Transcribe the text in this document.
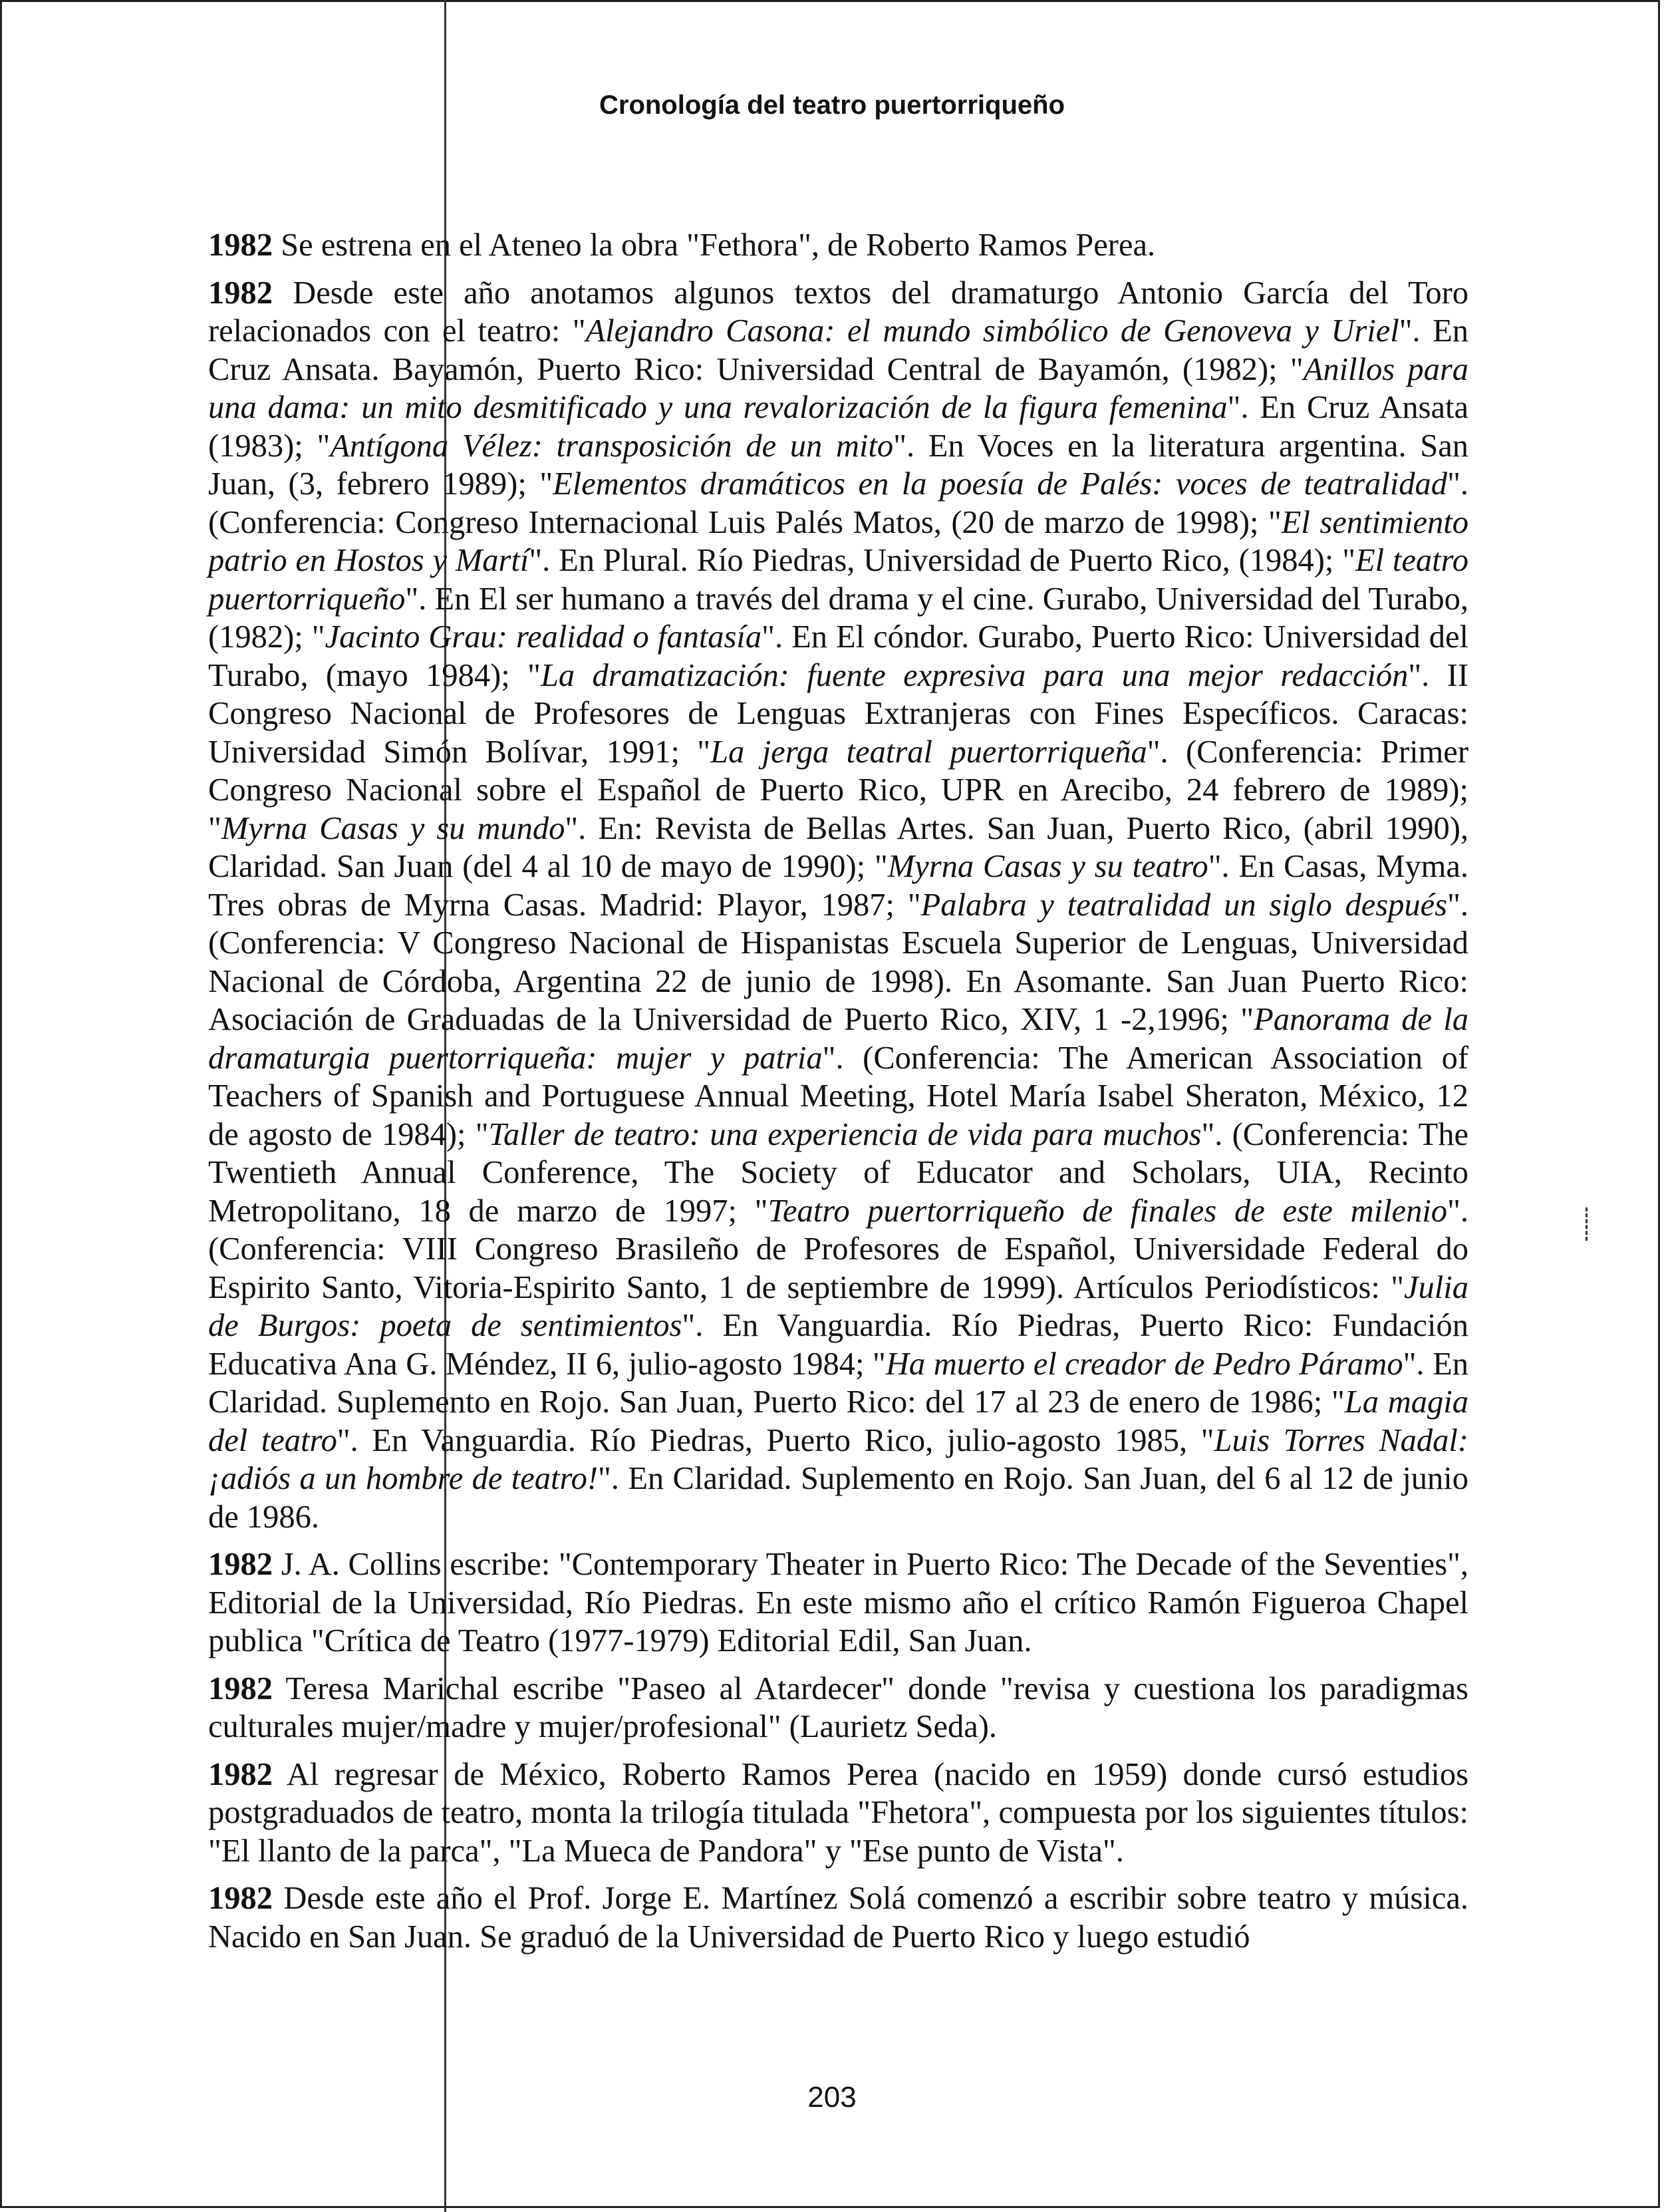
Cronología del teatro puertorriqueño

1982 Se estrena en el Ateneo la obra "Fethora", de Roberto Ramos Perea.

1982 Desde este año anotamos algunos textos del dramaturgo Antonio García del Toro relacionados con el teatro: "Alejandro Casona: el mundo simbólico de Genoveva y Uriel". En Cruz Ansata. Bayamón, Puerto Rico: Universidad Central de Bayamón, (1982); "Anillos para una dama: un mito desmitificado y una revalorización de la figura femenina". En Cruz Ansata (1983); "Antígona Vélez: transposición de un mito". En Voces en la literatura argentina. San Juan, (3, febrero 1989); "Elementos dramáticos en la poesía de Palés: voces de teatralidad". (Conferencia: Congreso Internacional Luis Palés Matos, (20 de marzo de 1998); "El sentimiento patrio en Hostos y Martí". En Plural. Río Piedras, Universidad de Puerto Rico, (1984); "El teatro puertorriqueño". En El ser humano a través del drama y el cine. Gurabo, Universidad del Turabo, (1982); "Jacinto Grau: realidad o fantasía". En El cóndor. Gurabo, Puerto Rico: Universidad del Turabo, (mayo 1984); "La dramatización: fuente expresiva para una mejor redacción". II Congreso Nacional de Profesores de Lenguas Extranjeras con Fines Específicos. Caracas: Universidad Simón Bolívar, 1991; "La jerga teatral puertorriqueña". (Conferencia: Primer Congreso Nacional sobre el Español de Puerto Rico, UPR en Arecibo, 24 febrero de 1989); "Myrna Casas y su mundo". En: Revista de Bellas Artes. San Juan, Puerto Rico, (abril 1990), Claridad. San Juan (del 4 al 10 de mayo de 1990); "Myrna Casas y su teatro". En Casas, Myma. Tres obras de Myrna Casas. Madrid: Playor, 1987; "Palabra y teatralidad un siglo después". (Conferencia: V Congreso Nacional de Hispanistas Escuela Superior de Lenguas, Universidad Nacional de Córdoba, Argentina 22 de junio de 1998). En Asomante. San Juan Puerto Rico: Asociación de Graduadas de la Universidad de Puerto Rico, XIV, 1 -2,1996; "Panorama de la dramaturgia puertorriqueña: mujer y patria". (Conferencia: The American Association of Teachers of Spanish and Portuguese Annual Meeting, Hotel María Isabel Sheraton, México, 12 de agosto de 1984); "Taller de teatro: una experiencia de vida para muchos". (Conferencia: The Twentieth Annual Conference, The Society of Educator and Scholars, UIA, Recinto Metropolitano, 18 de marzo de 1997; "Teatro puertorriqueño de finales de este milenio". (Conferencia: VIII Congreso Brasileño de Profesores de Español, Universidade Federal do Espirito Santo, Vitoria-Espirito Santo, 1 de septiembre de 1999). Artículos Periodísticos: "Julia de Burgos: poeta de sentimientos". En Vanguardia. Río Piedras, Puerto Rico: Fundación Educativa Ana G. Méndez, II 6, julio-agosto 1984; "Ha muerto el creador de Pedro Páramo". En Claridad. Suplemento en Rojo. San Juan, Puerto Rico: del 17 al 23 de enero de 1986; "La magia del teatro". En Vanguardia. Río Piedras, Puerto Rico, julio-agosto 1985, "Luis Torres Nadal: ¡adiós a un hombre de teatro!". En Claridad. Suplemento en Rojo. San Juan, del 6 al 12 de junio de 1986.

1982 J. A. Collins escribe: "Contemporary Theater in Puerto Rico: The Decade of the Seventies", Editorial de la Universidad, Río Piedras. En este mismo año el crítico Ramón Figueroa Chapel publica "Crítica de Teatro (1977-1979) Editorial Edil, San Juan.

1982 Teresa Marichal escribe "Paseo al Atardecer" donde "revisa y cuestiona los paradigmas culturales mujer/madre y mujer/profesional" (Laurietz Seda).

1982 Al regresar de México, Roberto Ramos Perea (nacido en 1959) donde cursó estudios postgraduados de teatro, monta la trilogía titulada "Fhetora", compuesta por los siguientes títulos: "El llanto de la parca", "La Mueca de Pandora" y "Ese punto de Vista".

1982 Desde este año el Prof. Jorge E. Martínez Solá comenzó a escribir sobre teatro y música. Nacido en San Juan. Se graduó de la Universidad de Puerto Rico y luego estudió

203
